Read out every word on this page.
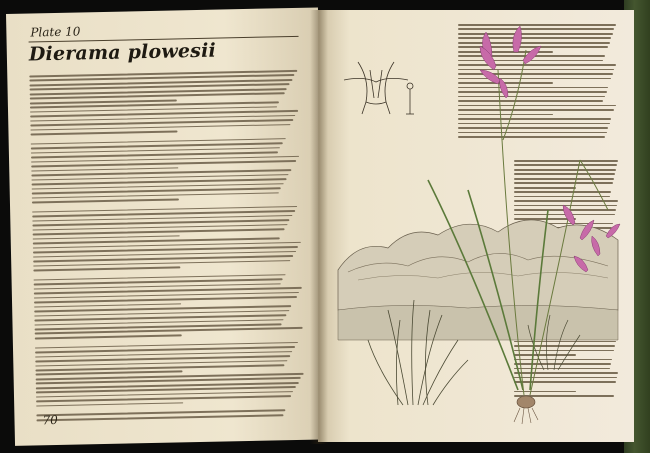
Plate 10
Dierama plowesii
70
